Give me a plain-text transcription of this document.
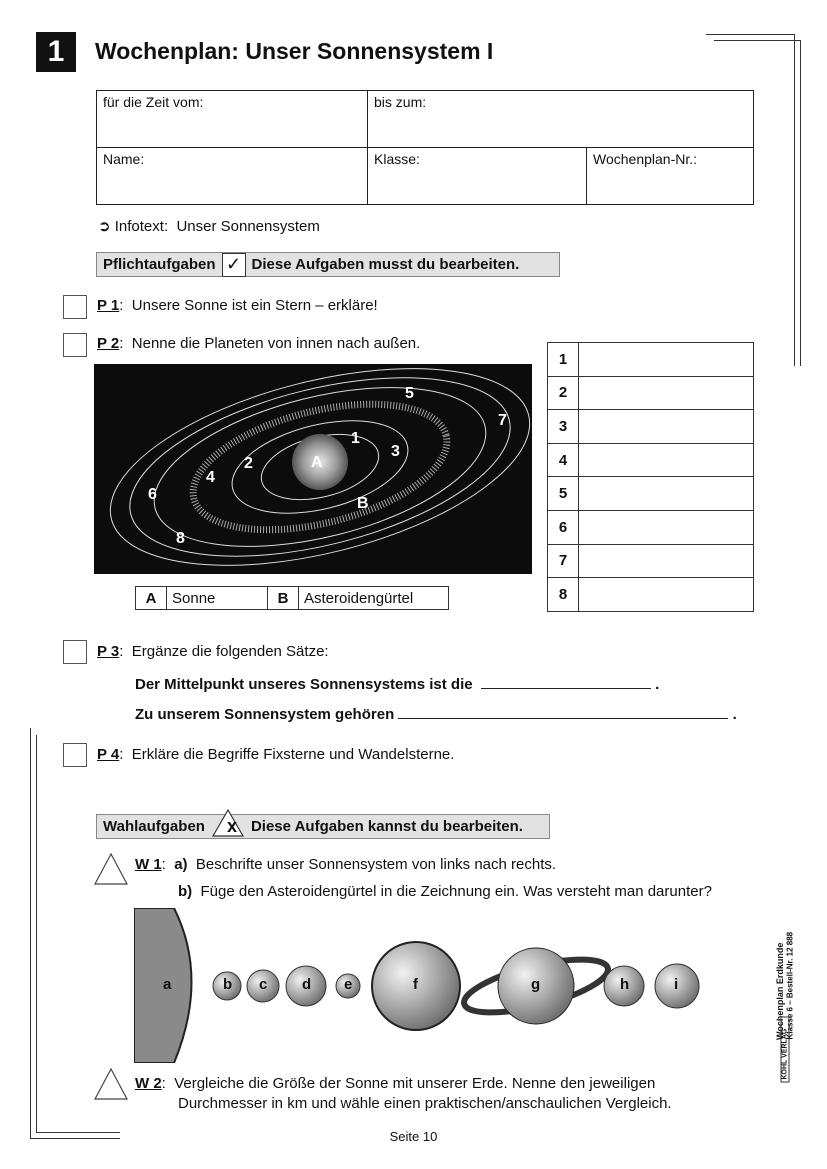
1	Wochenplan: Unser Sonnensystem I
für die Zeit vom:	bis zum:	
Name:	Klasse:	Wochenplan-Nr.:
➲ Infotext: Unser Sonnensystem
Pflichtaufgaben ✓ Diese Aufgaben musst du bearbeiten.
P 1:  Unsere Sonne ist ein Stern – erkläre!
P 2:  Nenne die Planeten von innen nach außen.
A
B
1
2
3
4
5
6
7
8
1	
2	
3	
4	
5	
6	
7	
8	
A	Sonne	B	Asteroidengürtel
P 3:  Ergänze die folgenden Sätze:
Der Mittelpunkt unseres Sonnensystems ist die	.
Zu unserem Sonnensystem gehören	.
P 4:  Erkläre die Begriffe Fixsterne und Wandelsterne.
Wahlaufgaben	Diese Aufgaben kannst du bearbeiten.
x
W 1:  a) Beschrifte unser Sonnensystem von links nach rechts.
b) Füge den Asteroidengürtel in die Zeichnung ein. Was versteht man darunter?
a	b c d e	f	g	h	i
W 2:  Vergleiche die Größe der Sonne mit unserer Erde. Nenne den jeweiligen
Durchmesser in km und wähle einen praktischen/anschaulichen Vergleich.
Wochenplan Erdkunde Klasse 6 – Bestell-Nr. 12 888
KOHL VERLAG
Seite 10
